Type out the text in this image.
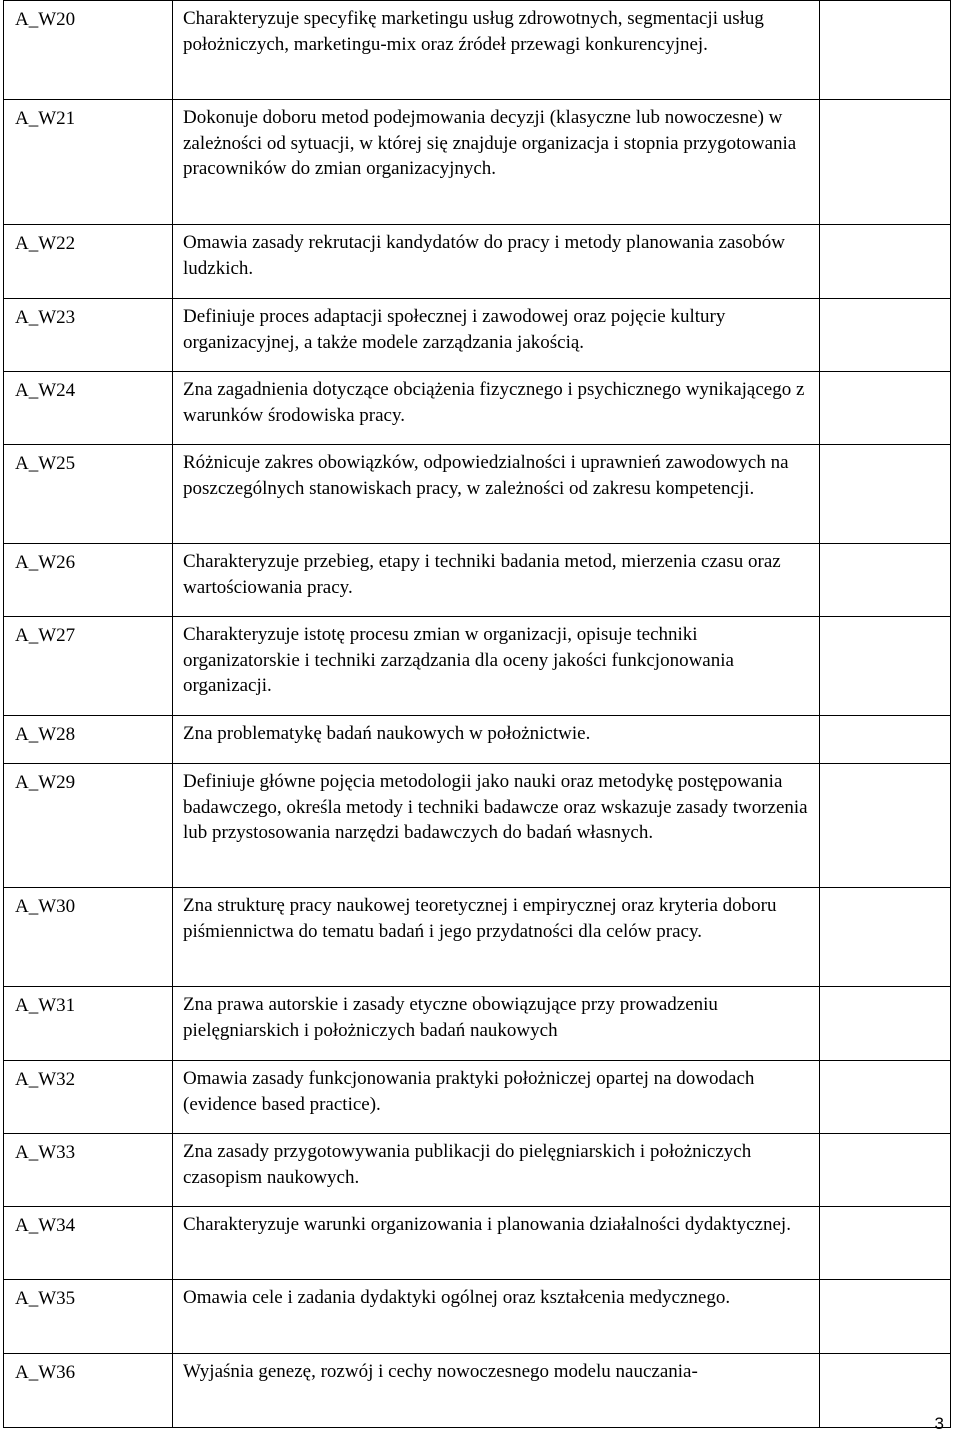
A_W20	Charakteryzuje specyfikę marketingu usług zdrowotnych, segmentacji usług położniczych, marketingu-mix oraz źródeł przewagi konkurencyjnej.	
A_W21	Dokonuje doboru metod podejmowania decyzji (klasyczne lub nowoczesne) w zależności od sytuacji, w której się znajduje organizacja i stopnia przygotowania pracowników do zmian organizacyjnych.	
A_W22	Omawia zasady rekrutacji kandydatów do pracy i metody planowania zasobów ludzkich.	
A_W23	Definiuje proces adaptacji społecznej i zawodowej oraz pojęcie kultury organizacyjnej, a także modele zarządzania jakością.	
A_W24	Zna zagadnienia dotyczące obciążenia fizycznego i psychicznego wynikającego z warunków środowiska pracy.	
A_W25	Różnicuje zakres obowiązków, odpowiedzialności i uprawnień zawodowych na poszczególnych stanowiskach pracy, w zależności od zakresu kompetencji.	
A_W26	Charakteryzuje przebieg, etapy i techniki badania metod, mierzenia czasu oraz wartościowania pracy.	
A_W27	Charakteryzuje istotę procesu zmian w organizacji, opisuje techniki organizatorskie i techniki zarządzania dla oceny jakości funkcjonowania organizacji.	
A_W28	Zna problematykę badań naukowych w położnictwie.	
A_W29	Definiuje główne pojęcia metodologii jako nauki oraz metodykę postępowania badawczego, określa metody i techniki badawcze oraz wskazuje zasady tworzenia lub przystosowania narzędzi badawczych do badań własnych.	
A_W30	Zna strukturę pracy naukowej teoretycznej i empirycznej oraz kryteria doboru piśmiennictwa do tematu badań i jego przydatności dla celów pracy.	
A_W31	Zna prawa autorskie i zasady etyczne obowiązujące przy prowadzeniu pielęgniarskich i położniczych badań naukowych	
A_W32	Omawia zasady funkcjonowania praktyki położniczej opartej na dowodach (evidence based practice).	
A_W33	Zna zasady przygotowywania publikacji do pielęgniarskich i położniczych czasopism naukowych.	
A_W34	Charakteryzuje warunki organizowania i planowania działalności dydaktycznej.	
A_W35	Omawia cele i zadania dydaktyki ogólnej oraz kształcenia medycznego.	
A_W36	Wyjaśnia genezę, rozwój i cechy nowoczesnego modelu nauczania-	
3
